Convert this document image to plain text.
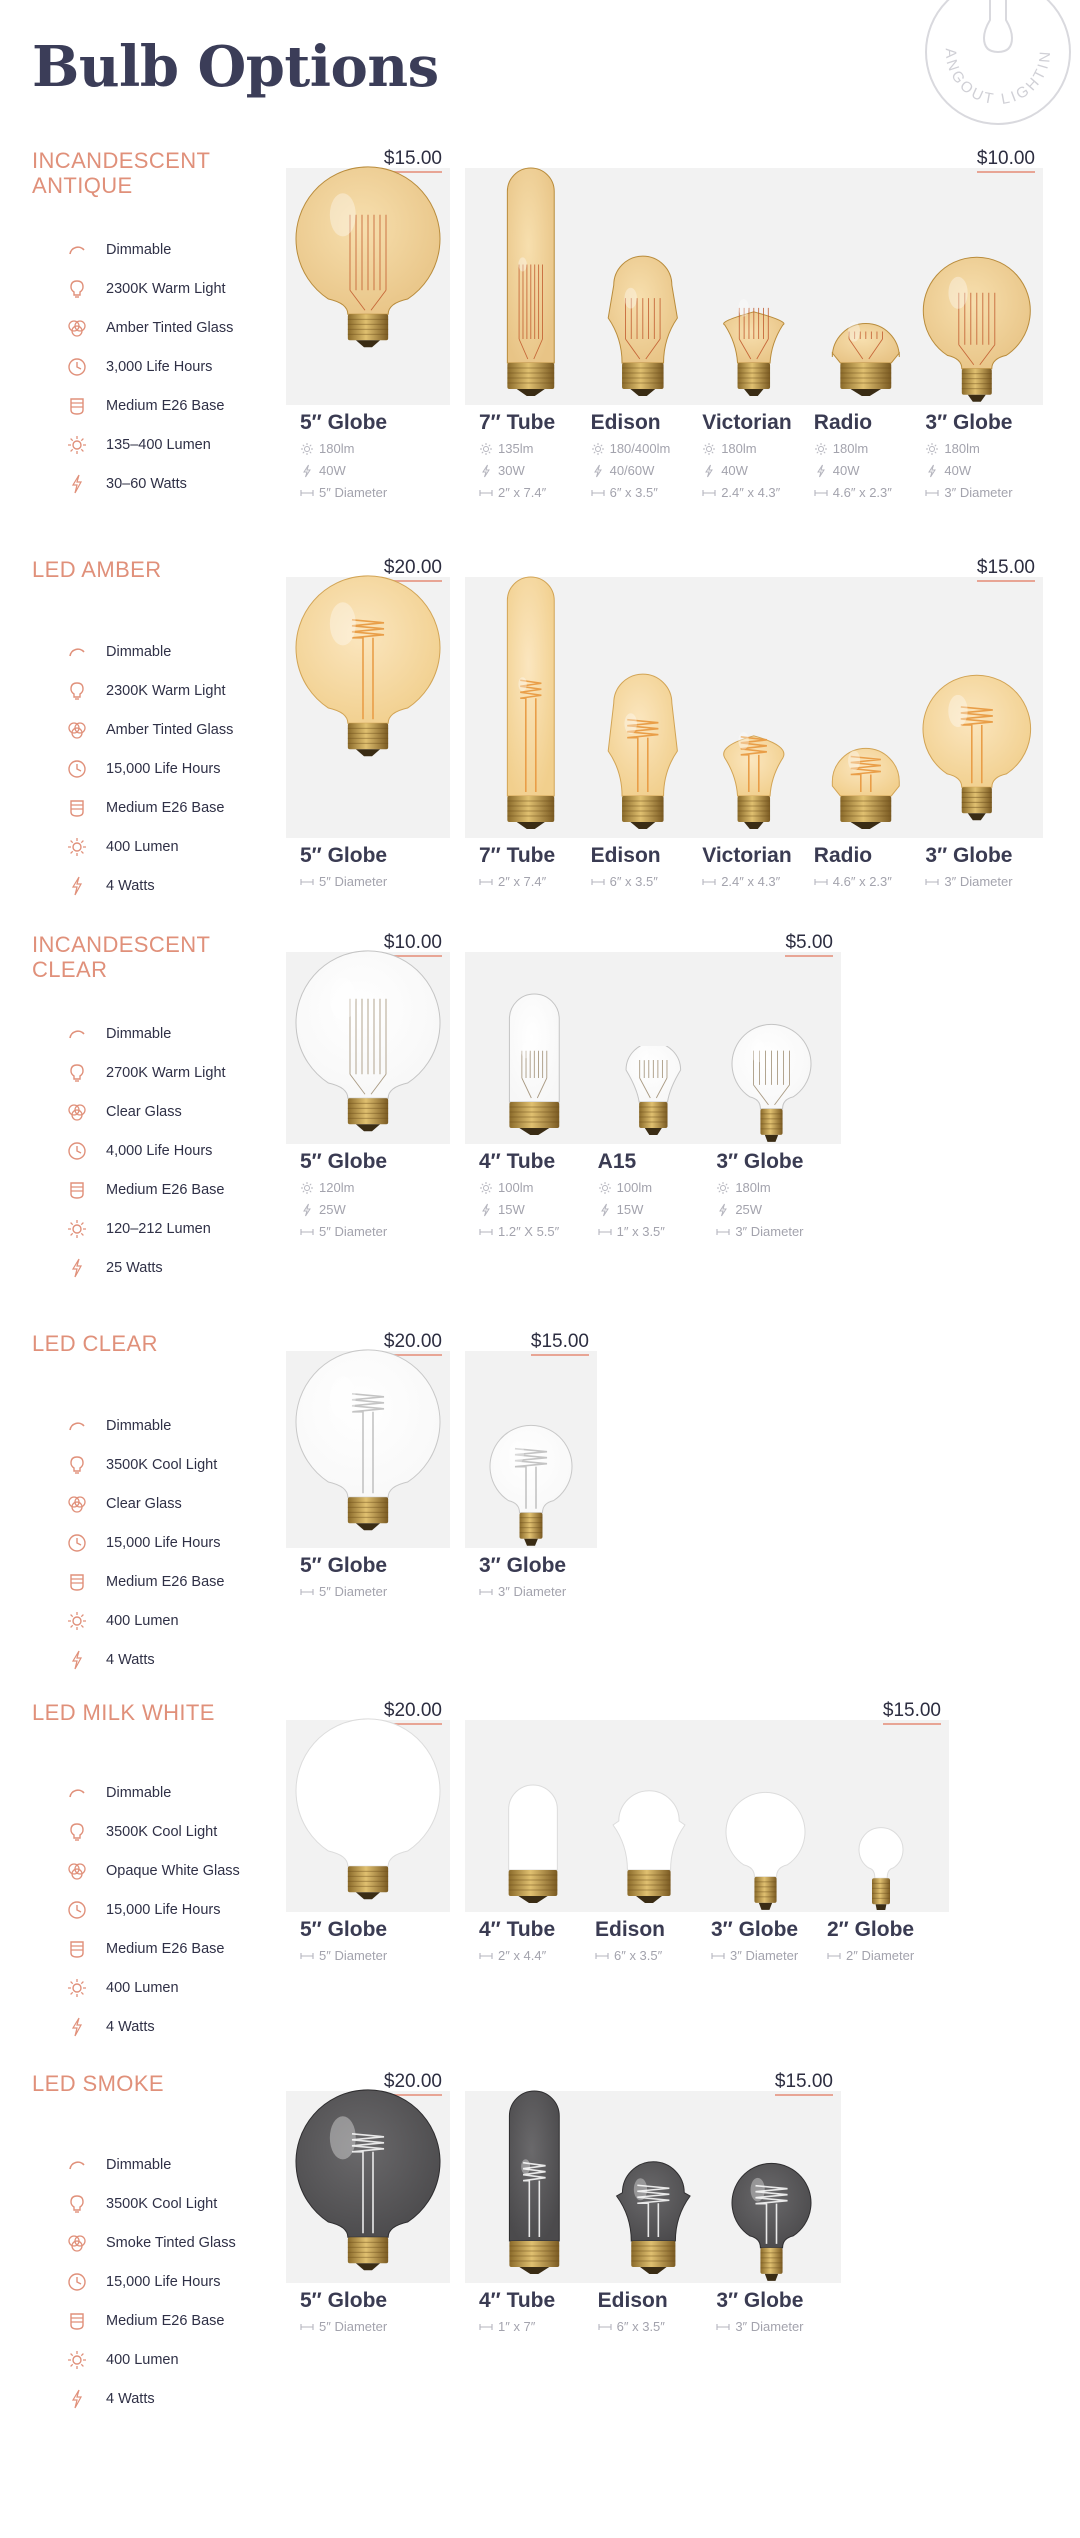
Bulb Options	ANGOUT LIGHTIN
INCANDESCENT ANTIQUE
Dimmable
2300K Warm Light
Amber Tinted Glass
3,000 Life Hours
Medium E26 Base
135–400 Lumen
30–60 Watts
$15.00
5″ Globe
180lm
40W
5″ Diameter
$10.00
7″ Tube
135lm
30W
2″ x 7.4″
Edison
180/400lm
40/60W
6″ x 3.5″
Victorian
180lm
40W
2.4″ x 4.3″
Radio
180lm
40W
4.6″ x 2.3″
3″ Globe
180lm
40W
3″ Diameter
LED AMBER
Dimmable
2300K Warm Light
Amber Tinted Glass
15,000 Life Hours
Medium E26 Base
400 Lumen
4 Watts
$20.00
5″ Globe
5″ Diameter
$15.00
7″ Tube
2″ x 7.4″
Edison
6″ x 3.5″
Victorian
2.4″ x 4.3″
Radio
4.6″ x 2.3″
3″ Globe
3″ Diameter
INCANDESCENT CLEAR
Dimmable
2700K Warm Light
Clear Glass
4,000 Life Hours
Medium E26 Base
120–212 Lumen
25 Watts
$10.00
5″ Globe
120lm
25W
5″ Diameter
$5.00
4″ Tube
100lm
15W
1.2″ X 5.5″
A15
100lm
15W
1″ x 3.5″
3″ Globe
180lm
25W
3″ Diameter
LED CLEAR
Dimmable
3500K Cool Light
Clear Glass
15,000 Life Hours
Medium E26 Base
400 Lumen
4 Watts
$20.00
5″ Globe
5″ Diameter
$15.00
3″ Globe
3″ Diameter
LED MILK WHITE
Dimmable
3500K Cool Light
Opaque White Glass
15,000 Life Hours
Medium E26 Base
400 Lumen
4 Watts
$20.00
5″ Globe
5″ Diameter
$15.00
4″ Tube
2″ x 4.4″
Edison
6″ x 3.5″
3″ Globe
3″ Diameter
2″ Globe
2″ Diameter
LED SMOKE
Dimmable
3500K Cool Light
Smoke Tinted Glass
15,000 Life Hours
Medium E26 Base
400 Lumen
4 Watts
$20.00
5″ Globe
5″ Diameter
$15.00
4″ Tube
1″ x 7″
Edison
6″ x 3.5″
3″ Globe
3″ Diameter
